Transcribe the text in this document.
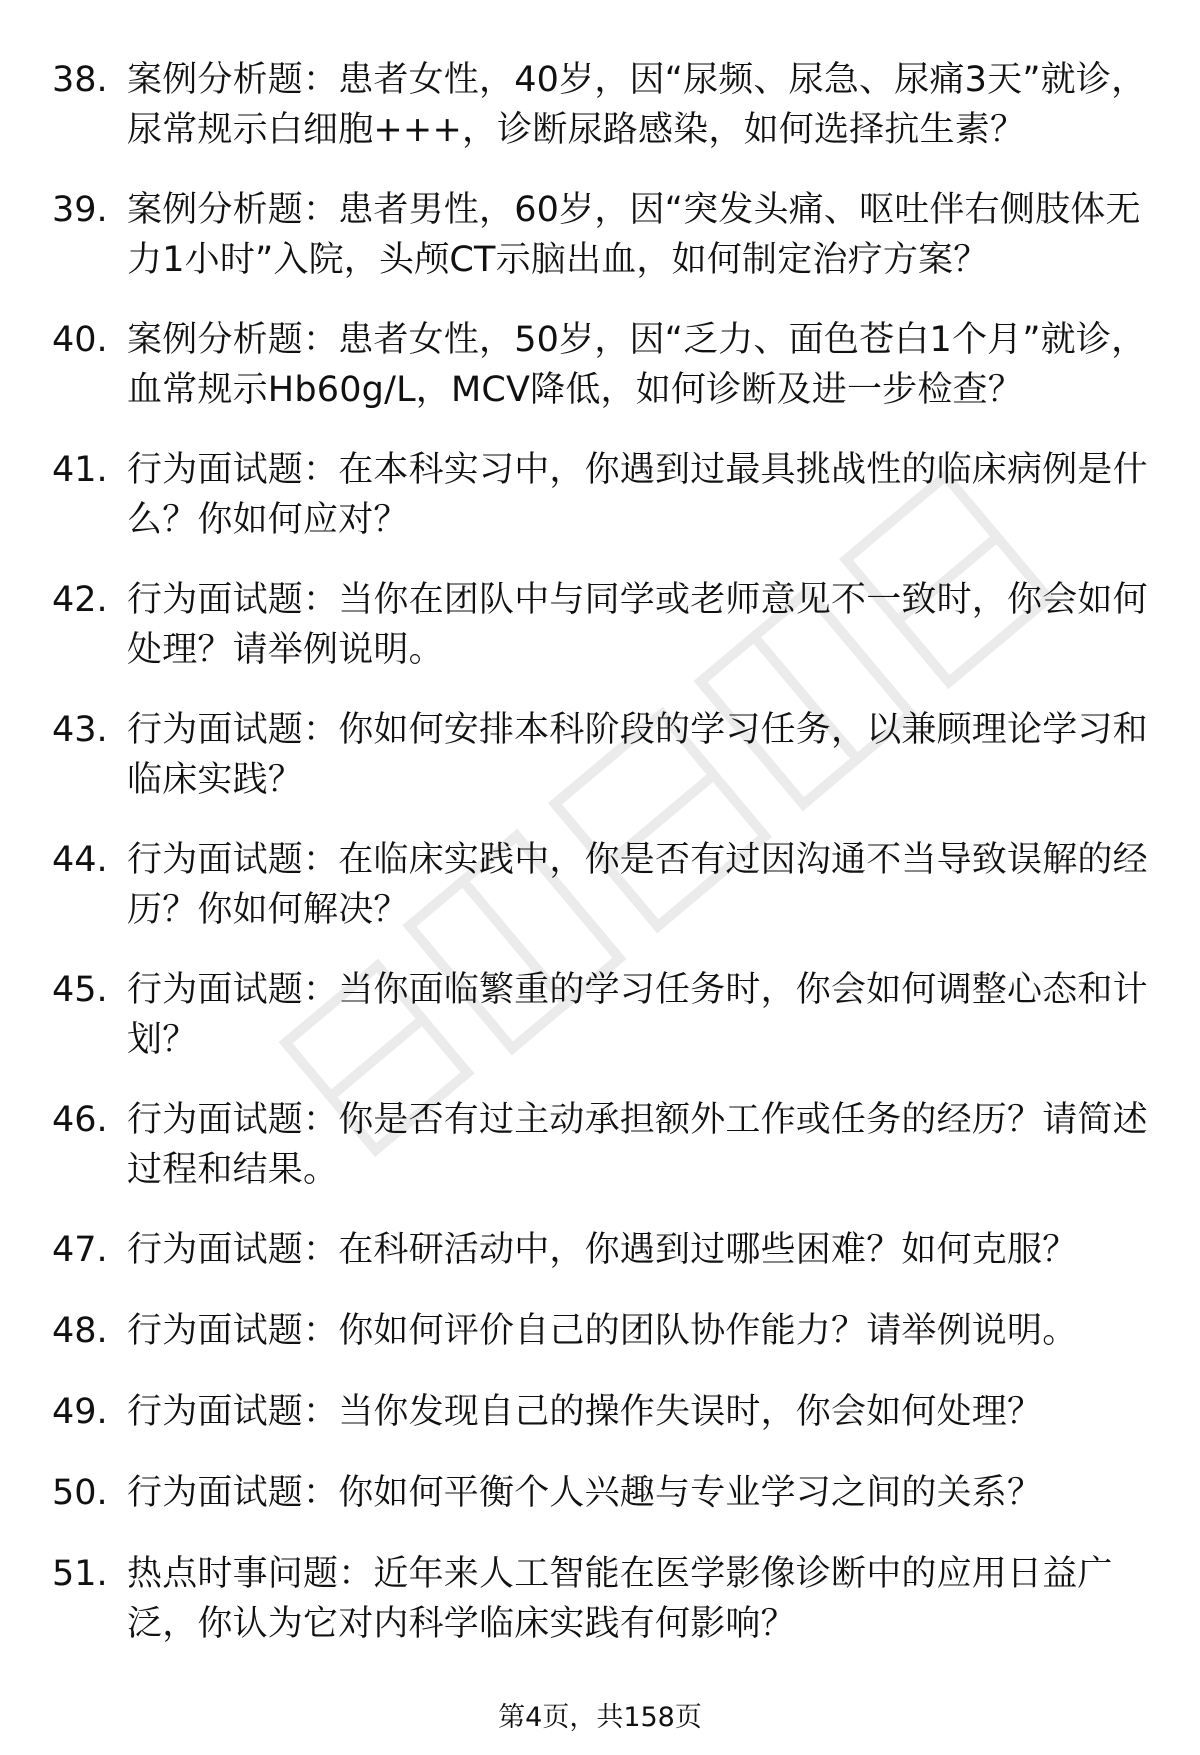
38. 案例分析题：患者女性，40岁，因“尿频、尿急、尿痛3天”就诊，尿常规示白细胞+++，诊断尿路感染，如何选择抗生素？
39. 案例分析题：患者男性，60岁，因“突发头痛、呕吐伴右侧肢体无力1小时”入院，头颅CT示脑出血，如何制定治疗方案？
40. 案例分析题：患者女性，50岁，因“乏力、面色苍白1个月”就诊，血常规示Hb60g/L，MCV降低，如何诊断及进一步检查？
41. 行为面试题：在本科实习中，你遇到过最具挑战性的临床病例是什么？你如何应对？
42. 行为面试题：当你在团队中与同学或老师意见不一致时，你会如何处理？请举例说明。
43. 行为面试题：你如何安排本科阶段的学习任务，以兼顾理论学习和临床实践？
44. 行为面试题：在临床实践中，你是否有过因沟通不当导致误解的经历？你如何解决？
45. 行为面试题：当你面临繁重的学习任务时，你会如何调整心态和计划？
46. 行为面试题：你是否有过主动承担额外工作或任务的经历？请简述过程和结果。
47. 行为面试题：在科研活动中，你遇到过哪些困难？如何克服？
48. 行为面试题：你如何评价自己的团队协作能力？请举例说明。
49. 行为面试题：当你发现自己的操作失误时，你会如何处理？
50. 行为面试题：你如何平衡个人兴趣与专业学习之间的关系？
51. 热点时事问题：近年来人工智能在医学影像诊断中的应用日益广泛，你认为它对内科学临床实践有何影响？
第4页，共158页
